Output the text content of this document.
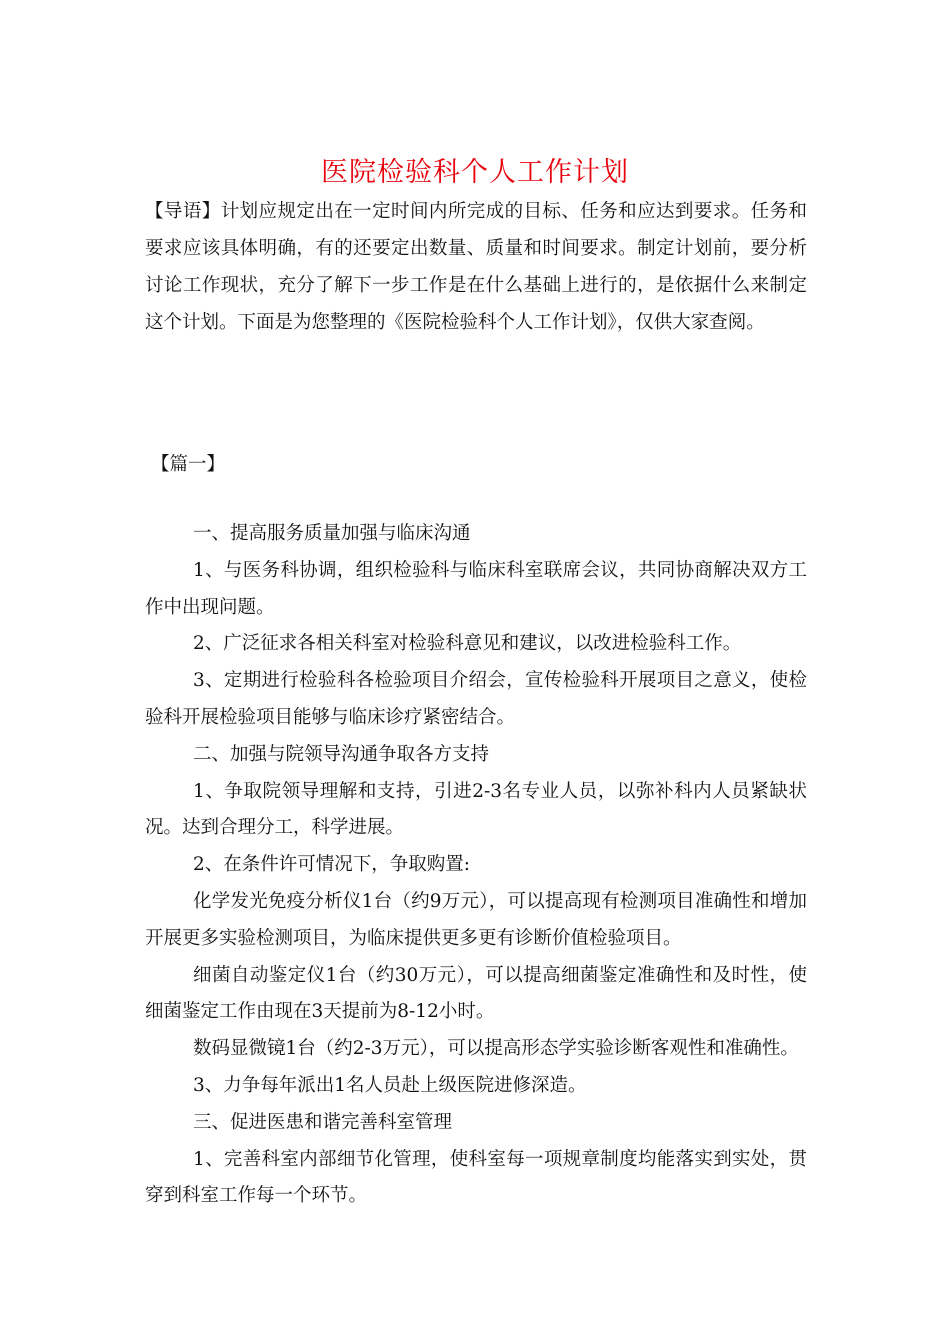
医院检验科个人工作计划
【导语】计划应规定出在一定时间内所完成的目标、任务和应达到要求。任务和要求应该具体明确，有的还要定出数量、质量和时间要求。制定计划前，要分析讨论工作现状，充分了解下一步工作是在什么基础上进行的，是依据什么来制定这个计划。下面是为您整理的《医院检验科个人工作计划》，仅供大家查阅。
【篇一】

一、提高服务质量加强与临床沟通

1、与医务科协调，组织检验科与临床科室联席会议，共同协商解决双方工作中出现问题。

2、广泛征求各相关科室对检验科意见和建议，以改进检验科工作。

3、定期进行检验科各检验项目介绍会，宣传检验科开展项目之意义，使检验科开展检验项目能够与临床诊疗紧密结合。

二、加强与院领导沟通争取各方支持

1、争取院领导理解和支持，引进2-3名专业人员，以弥补科内人员紧缺状况。达到合理分工，科学进展。

2、在条件许可情况下，争取购置:

化学发光免疫分析仪1台（约9万元），可以提高现有检测项目准确性和增加开展更多实验检测项目，为临床提供更多更有诊断价值检验项目。

细菌自动鉴定仪1台（约30万元），可以提高细菌鉴定准确性和及时性，使细菌鉴定工作由现在3天提前为8-12小时。

数码显微镜1台（约2-3万元），可以提高形态学实验诊断客观性和准确性。

3、力争每年派出1名人员赴上级医院进修深造。

三、促进医患和谐完善科室管理

1、完善科室内部细节化管理，使科室每一项规章制度均能落实到实处，贯穿到科室工作每一个环节。
